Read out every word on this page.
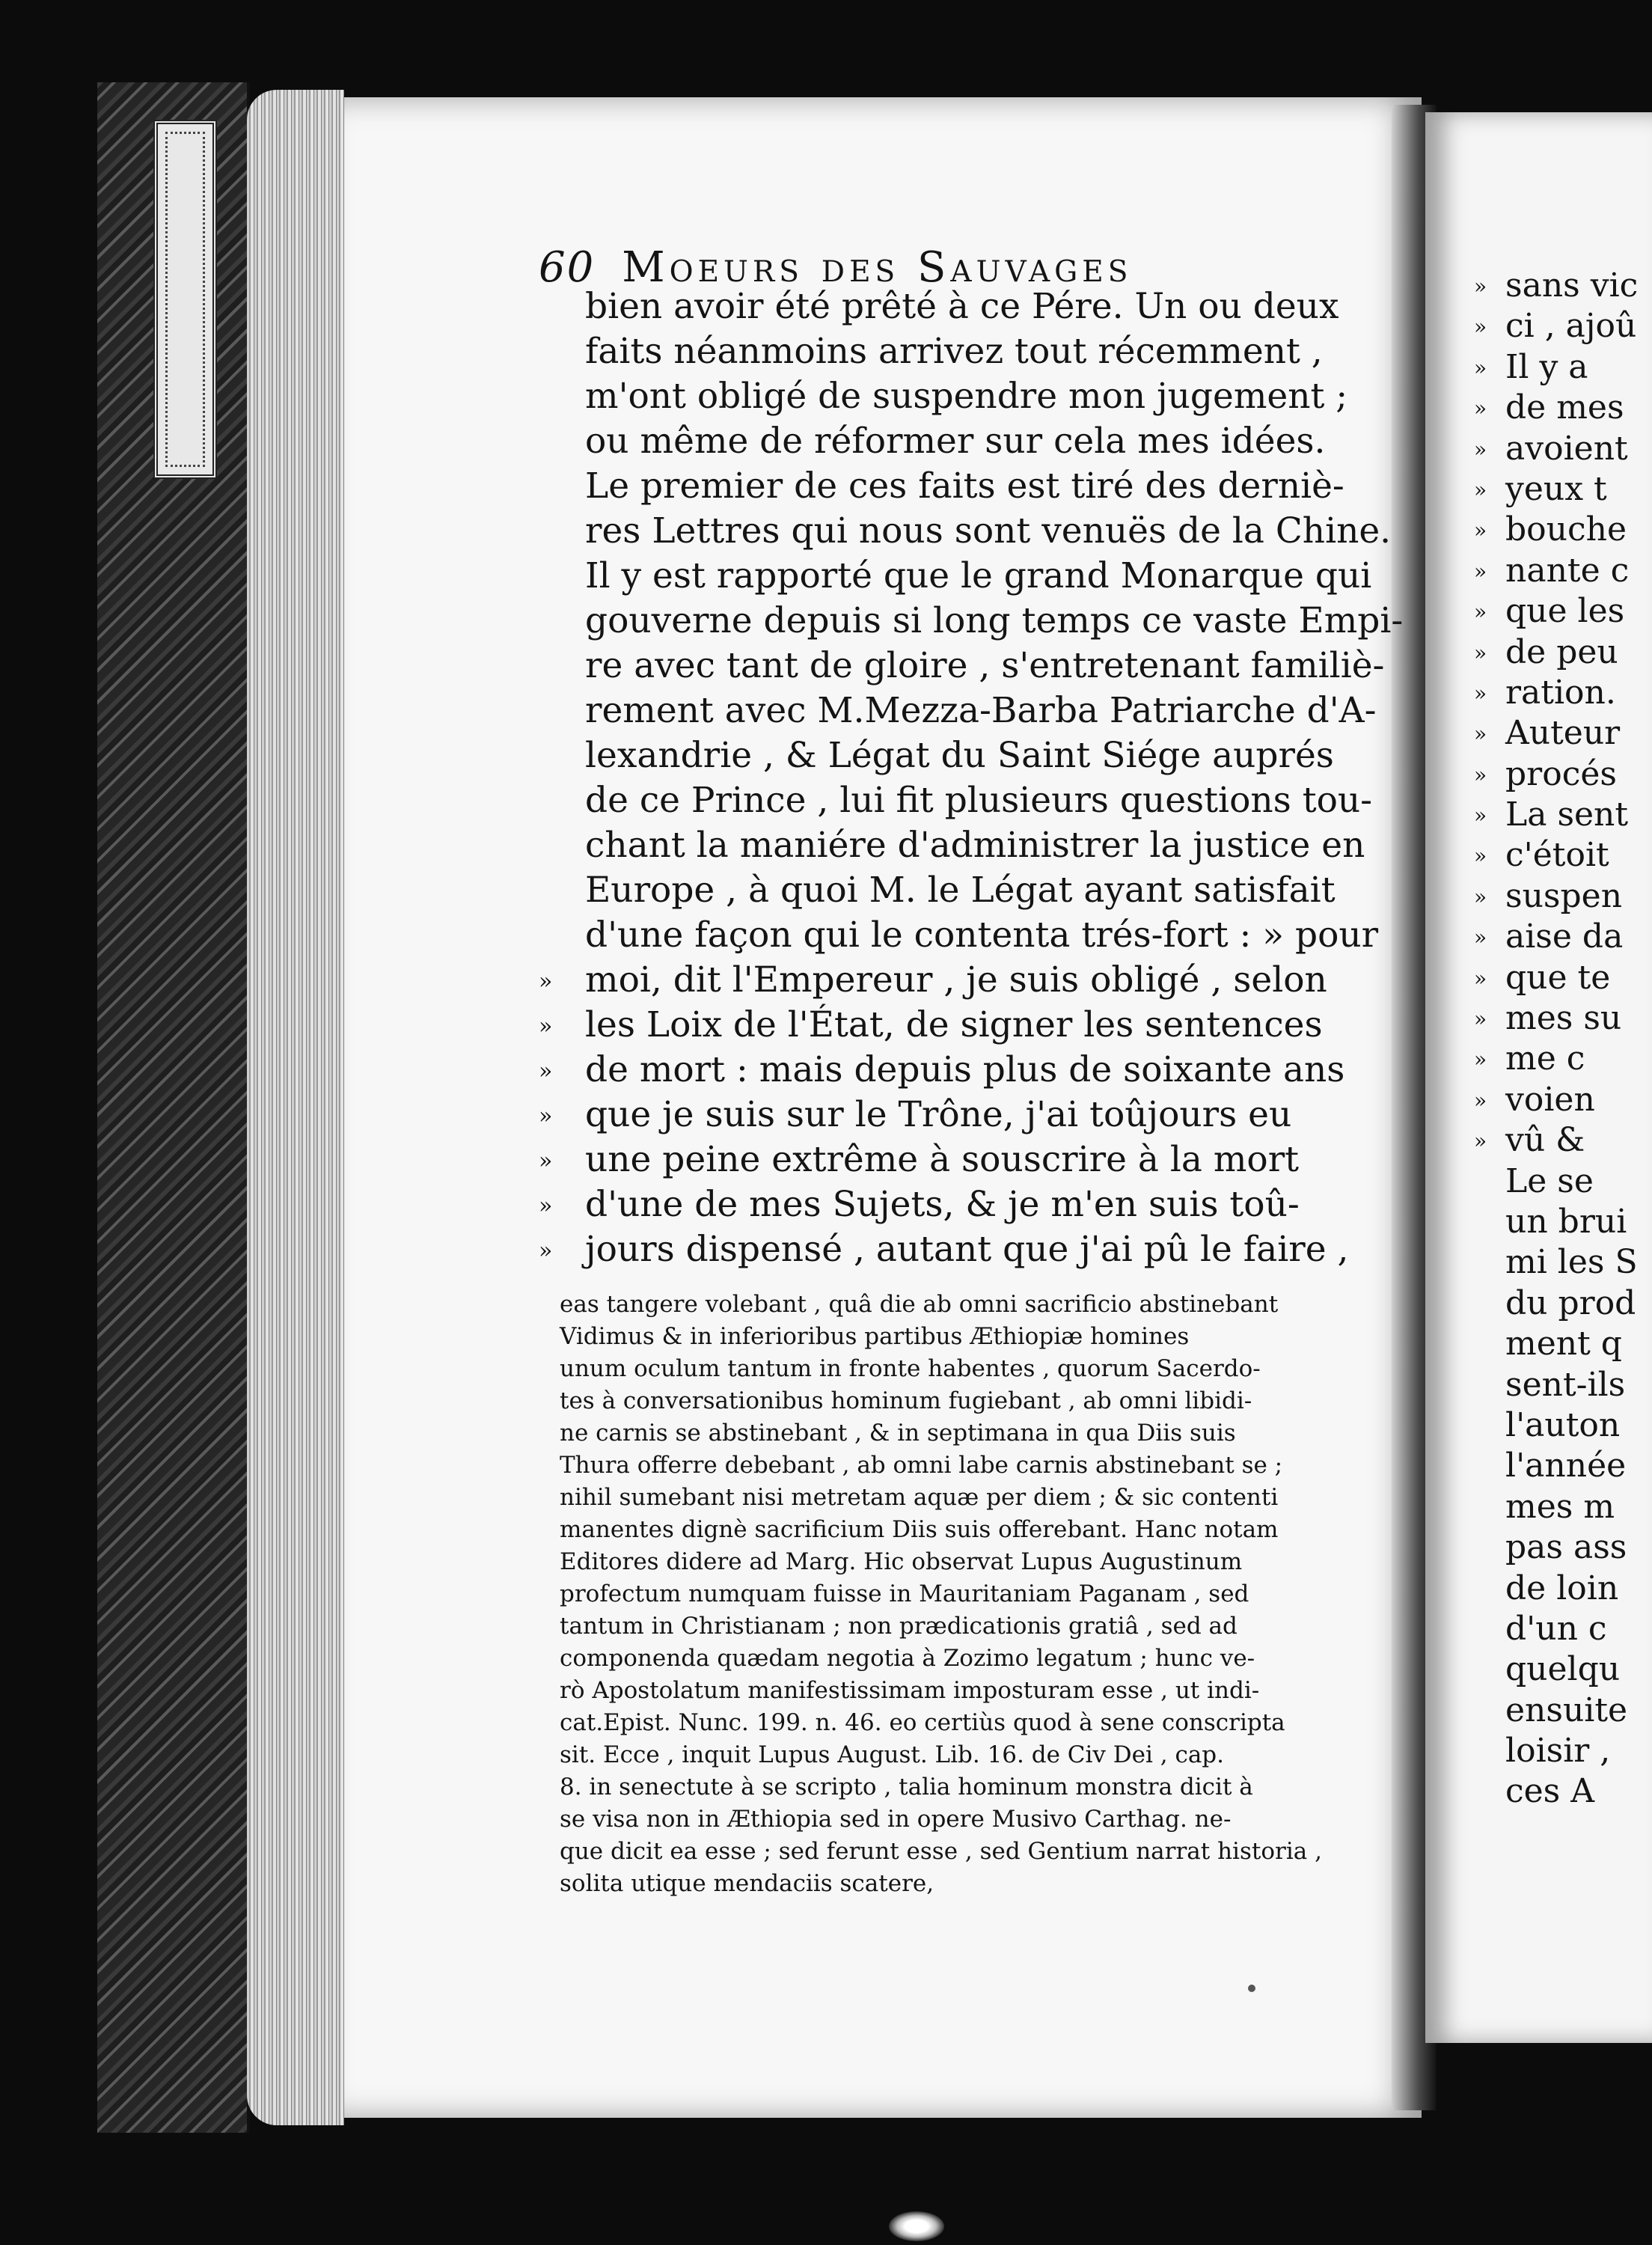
60 Moeurs des Sauvages
bien avoir été prêté à ce Pére. Un ou deux
faits néanmoins arrivez tout récemment ,
m'ont obligé de suspendre mon jugement ;
ou même de réformer sur cela mes idées.
Le premier de ces faits est tiré des derniè-
res Lettres qui nous sont venuës de la Chine.
Il y est rapporté que le grand Monarque qui
gouverne depuis si long temps ce vaste Empi-
re avec tant de gloire , s'entretenant familiè-
rement avec M.Mezza-Barba Patriarche d'A-
lexandrie , & Légat du Saint Siége auprés
de ce Prince , lui fit plusieurs questions tou-
chant la maniére d'administrer la justice en
Europe , à quoi M. le Légat ayant satisfait
d'une façon qui le contenta trés-fort : » pour
» moi, dit l'Empereur , je suis obligé , selon
» les Loix de l'État, de signer les sentences
» de mort : mais depuis plus de soixante ans
» que je suis sur le Trône, j'ai toûjours eu
» une peine extrême à souscrire à la mort
» d'une de mes Sujets, & je m'en suis toû-
» jours dispensé , autant que j'ai pû le faire ,
eas tangere volebant , quâ die ab omni sacrificio abstinebant
Vidimus & in inferioribus partibus Æthiopiæ homines
unum oculum tantum in fronte habentes , quorum Sacerdo-
tes à conversationibus hominum fugiebant , ab omni libidi-
ne carnis se abstinebant , & in septimana in qua Diis suis
Thura offerre debebant , ab omni labe carnis abstinebant se ;
nihil sumebant nisi metretam aquæ per diem ; & sic contenti
manentes dignè sacrificium Diis suis offerebant. Hanc notam
Editores didere ad Marg. Hic observat Lupus Augustinum
profectum numquam fuisse in Mauritaniam Paganam , sed
tantum in Christianam ; non prædicationis gratiâ , sed ad
componenda quædam negotia à Zozimo legatum ; hunc ve-
rò Apostolatum manifestissimam imposturam esse , ut indi-
cat.Epist. Nunc. 199. n. 46. eo certiùs quod à sene conscripta
sit. Ecce , inquit Lupus August. Lib. 16. de Civ Dei , cap.
8. in senectute à se scripto , talia hominum monstra dicit à
se visa non in Æthiopia sed in opere Musivo Carthag. ne-
que dicit ea esse ; sed ferunt esse , sed Gentium narrat historia ,
solita utique mendaciis scatere,
» sans vic
» ci , ajoû
» Il y a
» de mes
» avoient
» yeux t
» bouche
» nante c
» que les
» de peu
» ration.
» Auteur
» procés
» La sent
» c'étoit
» suspen
» aise da
» que te
» mes su
» me c
» voien
» vû &
Le se
un brui
mi les S
du prod
ment q
sent-ils
l'auton
l'année
mes m
pas ass
de loin
d'un c
quelqu
ensuite
loisir ,
ces A
